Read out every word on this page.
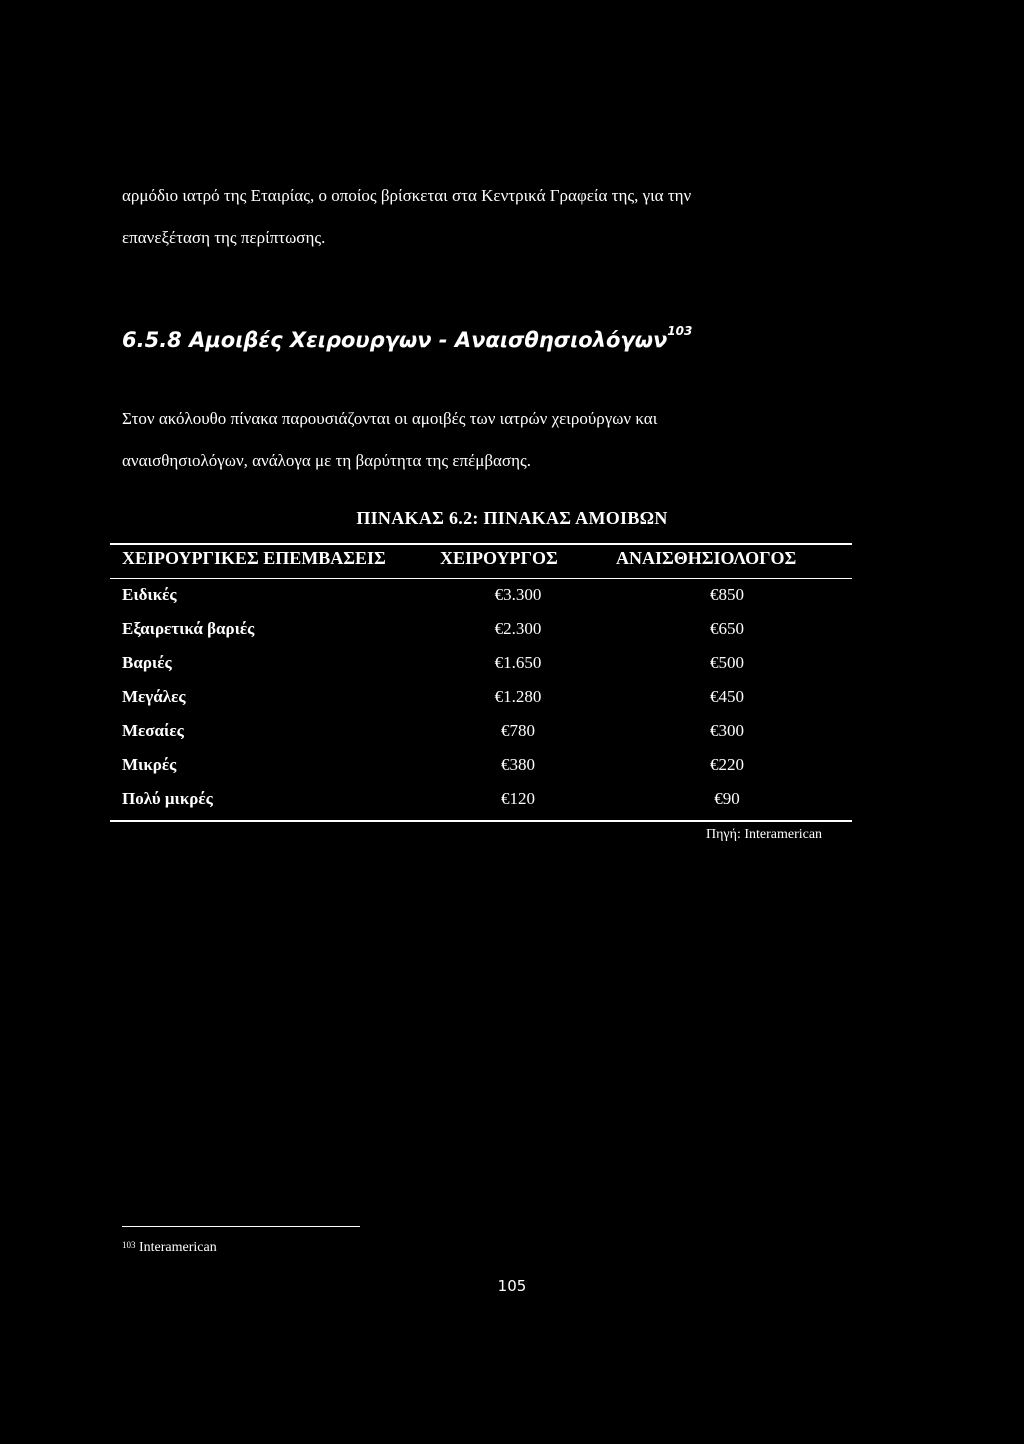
αρμόδιο ιατρό της Εταιρίας, ο οποίος βρίσκεται στα Κεντρικά Γραφεία της, για την
επανεξέταση της περίπτωσης.
6.5.8 Αμοιβές Χειρουργων - Αναισθησιολόγων$^{103}$
Στον ακόλουθο πίνακα παρουσιάζονται οι αμοιβές των ιατρών χειρούργων και
αναισθησιολόγων, ανάλογα με τη βαρύτητα της επέμβασης.
ΠΙΝΑΚΑΣ 6.2: ΠΙΝΑΚΑΣ ΑΜΟΙΒΩΝ
ΧΕΙΡΟΥΡΓΙΚΕΣ ΕΠΕΜΒΑΣΕΙΣ	ΧΕΙΡΟΥΡΓΟΣ	ΑΝΑΙΣΘΗΣΙΟΛΟΓΟΣ
Ειδικές	€3.300	€850
Εξαιρετικά βαριές	€2.300	€650
Βαριές	€1.650	€500
Μεγάλες	€1.280	€450
Μεσαίες	€780	€300
Μικρές	€380	€220
Πολύ μικρές	€120	€90
Πηγή: Interamerican
$^{103}$ Interamerican
105
